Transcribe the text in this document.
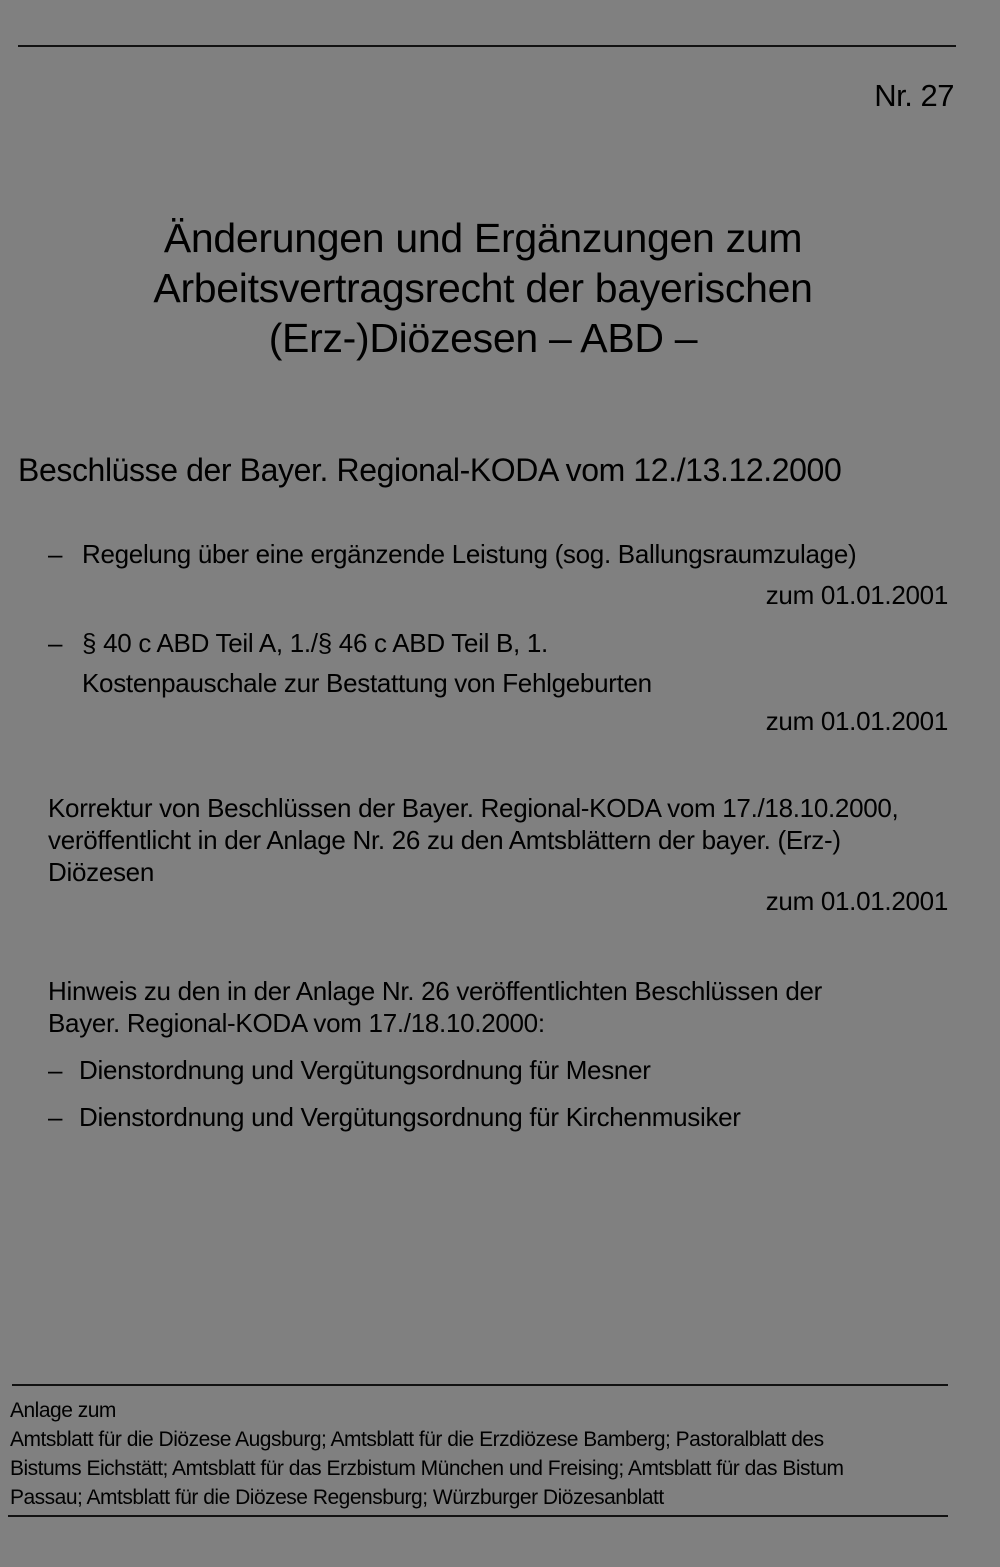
Nr. 27
Änderungen und Ergänzungen zum
Arbeitsvertragsrecht der bayerischen
(Erz-)Diözesen – ABD –
Beschlüsse der Bayer. Regional-KODA vom 12./13.12.2000
– Regelung über eine ergänzende Leistung (sog. Ballungsraumzulage)
zum 01.01.2001
– § 40 c ABD Teil A, 1./§ 46 c ABD Teil B, 1.
Kostenpauschale zur Bestattung von Fehlgeburten
zum 01.01.2001
Korrektur von Beschlüssen der Bayer. Regional-KODA vom 17./18.10.2000,
veröffentlicht in der Anlage Nr. 26 zu den Amtsblättern der bayer. (Erz-)
Diözesen
zum 01.01.2001
Hinweis zu den in der Anlage Nr. 26 veröffentlichten Beschlüssen der
Bayer. Regional-KODA vom 17./18.10.2000:
– Dienstordnung und Vergütungsordnung für Mesner
– Dienstordnung und Vergütungsordnung für Kirchenmusiker
Anlage zum
Amtsblatt für die Diözese Augsburg; Amtsblatt für die Erzdiözese Bamberg; Pastoralblatt des
Bistums Eichstätt; Amtsblatt für das Erzbistum München und Freising; Amtsblatt für das Bistum
Passau; Amtsblatt für die Diözese Regensburg; Würzburger Diözesanblatt
